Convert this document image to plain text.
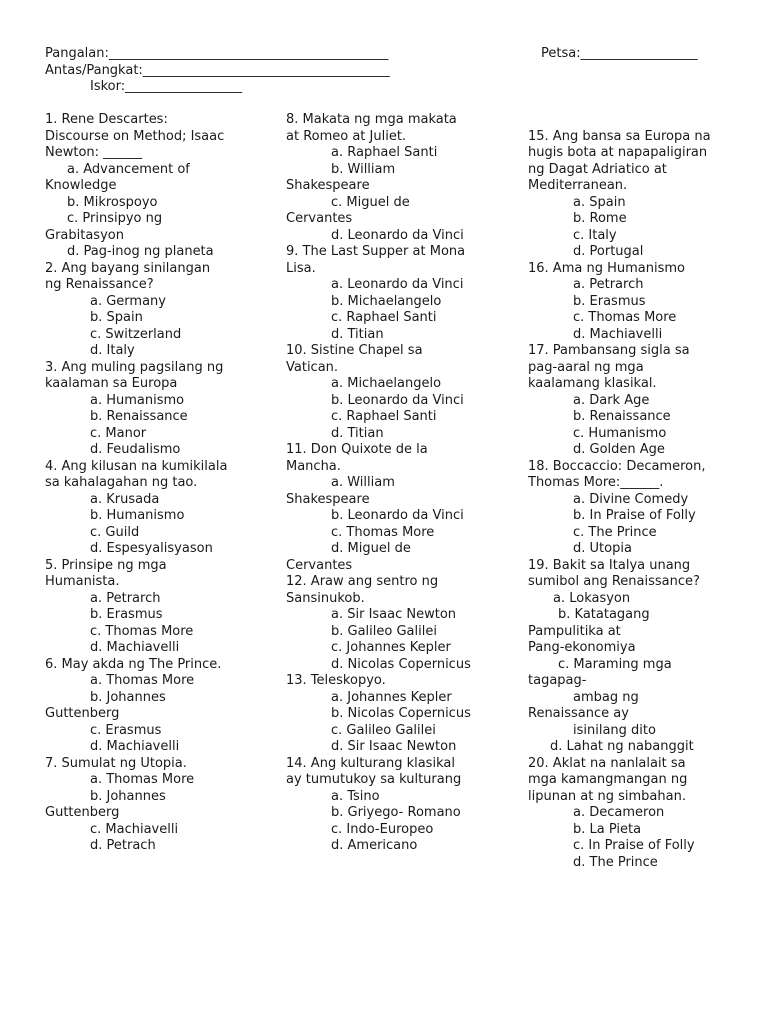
Pangalan:___________________________________________	Petsa:__________________
Antas/Pangkat:______________________________________
Iskor:__________________
1. Rene Descartes:
Discourse on Method; Isaac
Newton: ______
a. Advancement of
Knowledge
b. Mikrospoyo
c. Prinsipyo ng
Grabitasyon
d. Pag-inog ng planeta
2. Ang bayang sinilangan
ng Renaissance?
a. Germany
b. Spain
c. Switzerland
d. Italy
3. Ang muling pagsilang ng
kaalaman sa Europa
a. Humanismo
b. Renaissance
c. Manor
d. Feudalismo
4. Ang kilusan na kumikilala
sa kahalagahan ng tao.
a. Krusada
b. Humanismo
c. Guild
d. Espesyalisyason
5. Prinsipe ng mga
Humanista.
a. Petrarch
b. Erasmus
c. Thomas More
d. Machiavelli
6. May akda ng The Prince.
a. Thomas More
b. Johannes
Guttenberg
c. Erasmus
d. Machiavelli
7. Sumulat ng Utopia.
a. Thomas More
b. Johannes
Guttenberg
c. Machiavelli
d. Petrach
8. Makata ng mga makata
at Romeo at Juliet.
a. Raphael Santi
b. William
Shakespeare
c. Miguel de
Cervantes
d. Leonardo da Vinci
9. The Last Supper at Mona
Lisa.
a. Leonardo da Vinci
b. Michaelangelo
c. Raphael Santi
d. Titian
10. Sistine Chapel sa
Vatican.
a. Michaelangelo
b. Leonardo da Vinci
c. Raphael Santi
d. Titian
11. Don Quixote de la
Mancha.
a. William
Shakespeare
b. Leonardo da Vinci
c. Thomas More
d. Miguel de
Cervantes
12. Araw ang sentro ng
Sansinukob.
a. Sir Isaac Newton
b. Galileo Galilei
c. Johannes Kepler
d. Nicolas Copernicus
13. Teleskopyo.
a. Johannes Kepler
b. Nicolas Copernicus
c. Galileo Galilei
d. Sir Isaac Newton
14. Ang kulturang klasikal
ay tumutukoy sa kulturang
a. Tsino
b. Griyego- Romano
c. Indo-Europeo
d. Americano
15. Ang bansa sa Europa na
hugis bota at napapaligiran
ng Dagat Adriatico at
Mediterranean.
a. Spain
b. Rome
c. Italy
d. Portugal
16. Ama ng Humanismo
a. Petrarch
b. Erasmus
c. Thomas More
d. Machiavelli
17. Pambansang sigla sa
pag-aaral ng mga
kaalamang klasikal.
a. Dark Age
b. Renaissance
c. Humanismo
d. Golden Age
18. Boccaccio: Decameron,
Thomas More:______.
a. Divine Comedy
b. In Praise of Folly
c. The Prince
d. Utopia
19. Bakit sa Italya unang
sumibol ang Renaissance?
a. Lokasyon
b. Katatagang
Pampulitika at
Pang-ekonomiya
c. Maraming mga
tagapag-
ambag ng
Renaissance ay
isinilang dito
d. Lahat ng nabanggit
20. Aklat na nanlalait sa
mga kamangmangan ng
lipunan at ng simbahan.
a. Decameron
b. La Pieta
c. In Praise of Folly
d. The Prince
